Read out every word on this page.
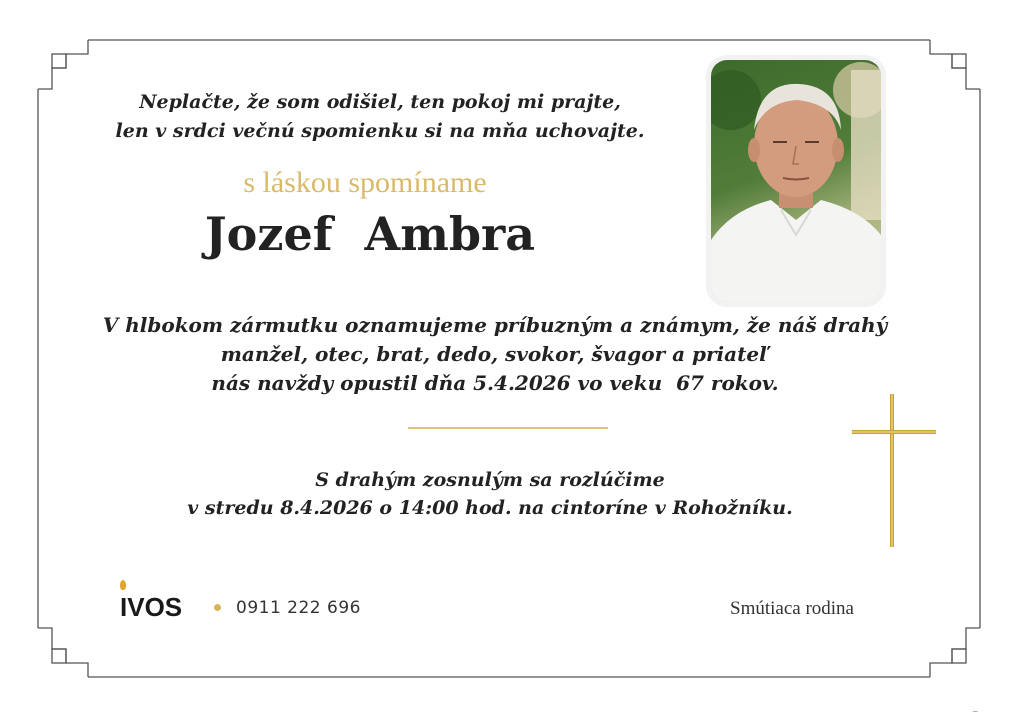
Neplačte, že som odišiel, ten pokoj mi prajte,
len v srdci večnú spomienku si na mňa uchovajte.
s láskou spomíname
Jozef Ambra
V hlbokom zármutku oznamujeme príbuzným a známym, že náš drahý
manžel, otec, brat, dedo, svokor, švagor a priateľ
nás navždy opustil dňa 5.4.2026 vo veku  67 rokov.
S drahým zosnulým sa rozlúčime
v stredu 8.4.2026 o 14:00 hod. na cintoríne v Rohožníku.
IVOS	0911 222 696	Smútiaca rodina
~
